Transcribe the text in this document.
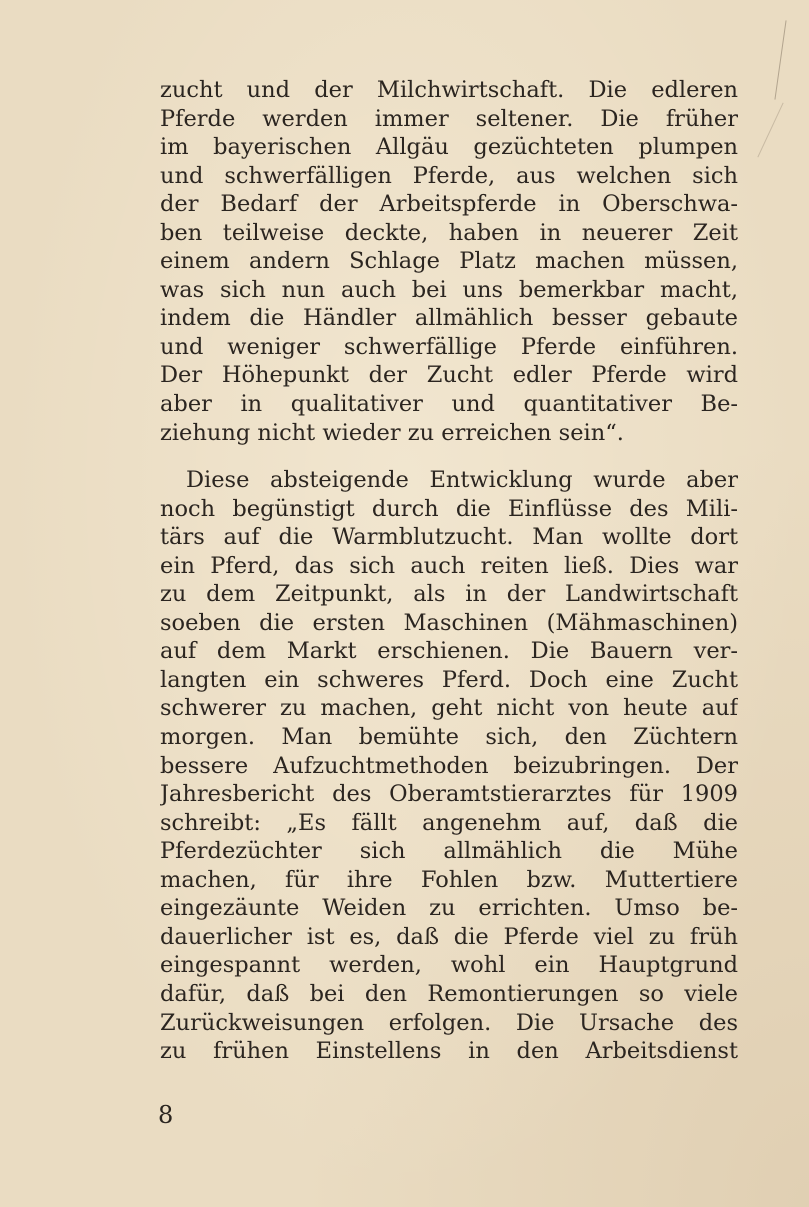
zucht und der Milchwirtschaft. Die edleren
Pferde werden immer seltener. Die früher
im bayerischen Allgäu gezüchteten plumpen
und schwerfälligen Pferde, aus welchen sich
der Bedarf der Arbeitspferde in Oberschwa-
ben teilweise deckte, haben in neuerer Zeit
einem andern Schlage Platz machen müssen,
was sich nun auch bei uns bemerkbar macht,
indem die Händler allmählich besser gebaute
und weniger schwerfällige Pferde einführen.
Der Höhepunkt der Zucht edler Pferde wird
aber in qualitativer und quantitativer Be-
ziehung nicht wieder zu erreichen sein“.
Diese absteigende Entwicklung wurde aber
noch begünstigt durch die Einflüsse des Mili-
tärs auf die Warmblutzucht. Man wollte dort
ein Pferd, das sich auch reiten ließ. Dies war
zu dem Zeitpunkt, als in der Landwirtschaft
soeben die ersten Maschinen (Mähmaschinen)
auf dem Markt erschienen. Die Bauern ver-
langten ein schweres Pferd. Doch eine Zucht
schwerer zu machen, geht nicht von heute auf
morgen. Man bemühte sich, den Züchtern
bessere Aufzuchtmethoden beizubringen. Der
Jahresbericht des Oberamtstierarztes für 1909
schreibt: „Es fällt angenehm auf, daß die
Pferdezüchter sich allmählich die Mühe
machen, für ihre Fohlen bzw. Muttertiere
eingezäunte Weiden zu errichten. Umso be-
dauerlicher ist es, daß die Pferde viel zu früh
eingespannt werden, wohl ein Hauptgrund
dafür, daß bei den Remontierungen so viele
Zurückweisungen erfolgen. Die Ursache des
zu frühen Einstellens in den Arbeitsdienst
8
